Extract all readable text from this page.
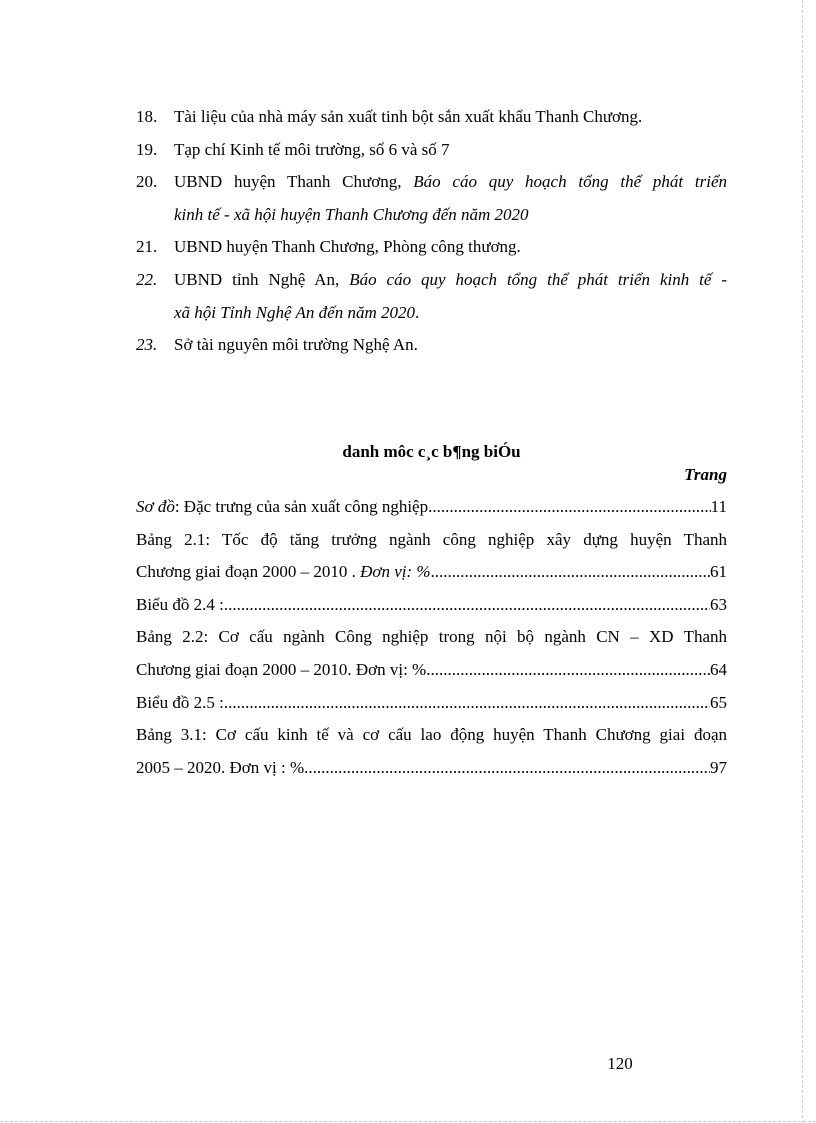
18. Tài liệu của nhà máy sản xuất tinh bột sắn xuất khẩu Thanh Chương.
19. Tạp chí Kinh tế môi trường, số 6 và số 7
20. UBND huyện Thanh Chương, Báo cáo quy hoạch tổng thể phát triển
kinh tế - xã hội huyện Thanh Chương đến năm 2020
21. UBND huyện Thanh Chương, Phòng công thương.
22. UBND tỉnh Nghệ An, Báo cáo quy hoạch tổng thể phát triển kinh tế -
xã hội Tỉnh Nghệ An đến năm 2020.
23. Sở tài nguyên môi trường Nghệ An.
danh môc c¸c b¶ng biÓu
Trang
Sơ đồ: Đặc trưng của sản xuất công nghiệp .....	11
Bảng 2.1: Tốc độ tăng trưởng ngành công nghiệp xây dựng huyện Thanh
Chương giai đoạn 2000 – 2010 . Đơn vị: % .....	61
Biểu đồ 2.4 : .....	63
Bảng 2.2: Cơ cấu ngành Công nghiệp trong nội bộ ngành CN – XD Thanh
Chương giai đoạn 2000 – 2010. Đơn vị: % .....	64
Biểu đồ 2.5 : .....	65
Bảng 3.1: Cơ cấu kinh tế và cơ cấu lao động huyện Thanh Chương giai đoạn
2005 – 2020. Đơn vị : % .....	97
120
